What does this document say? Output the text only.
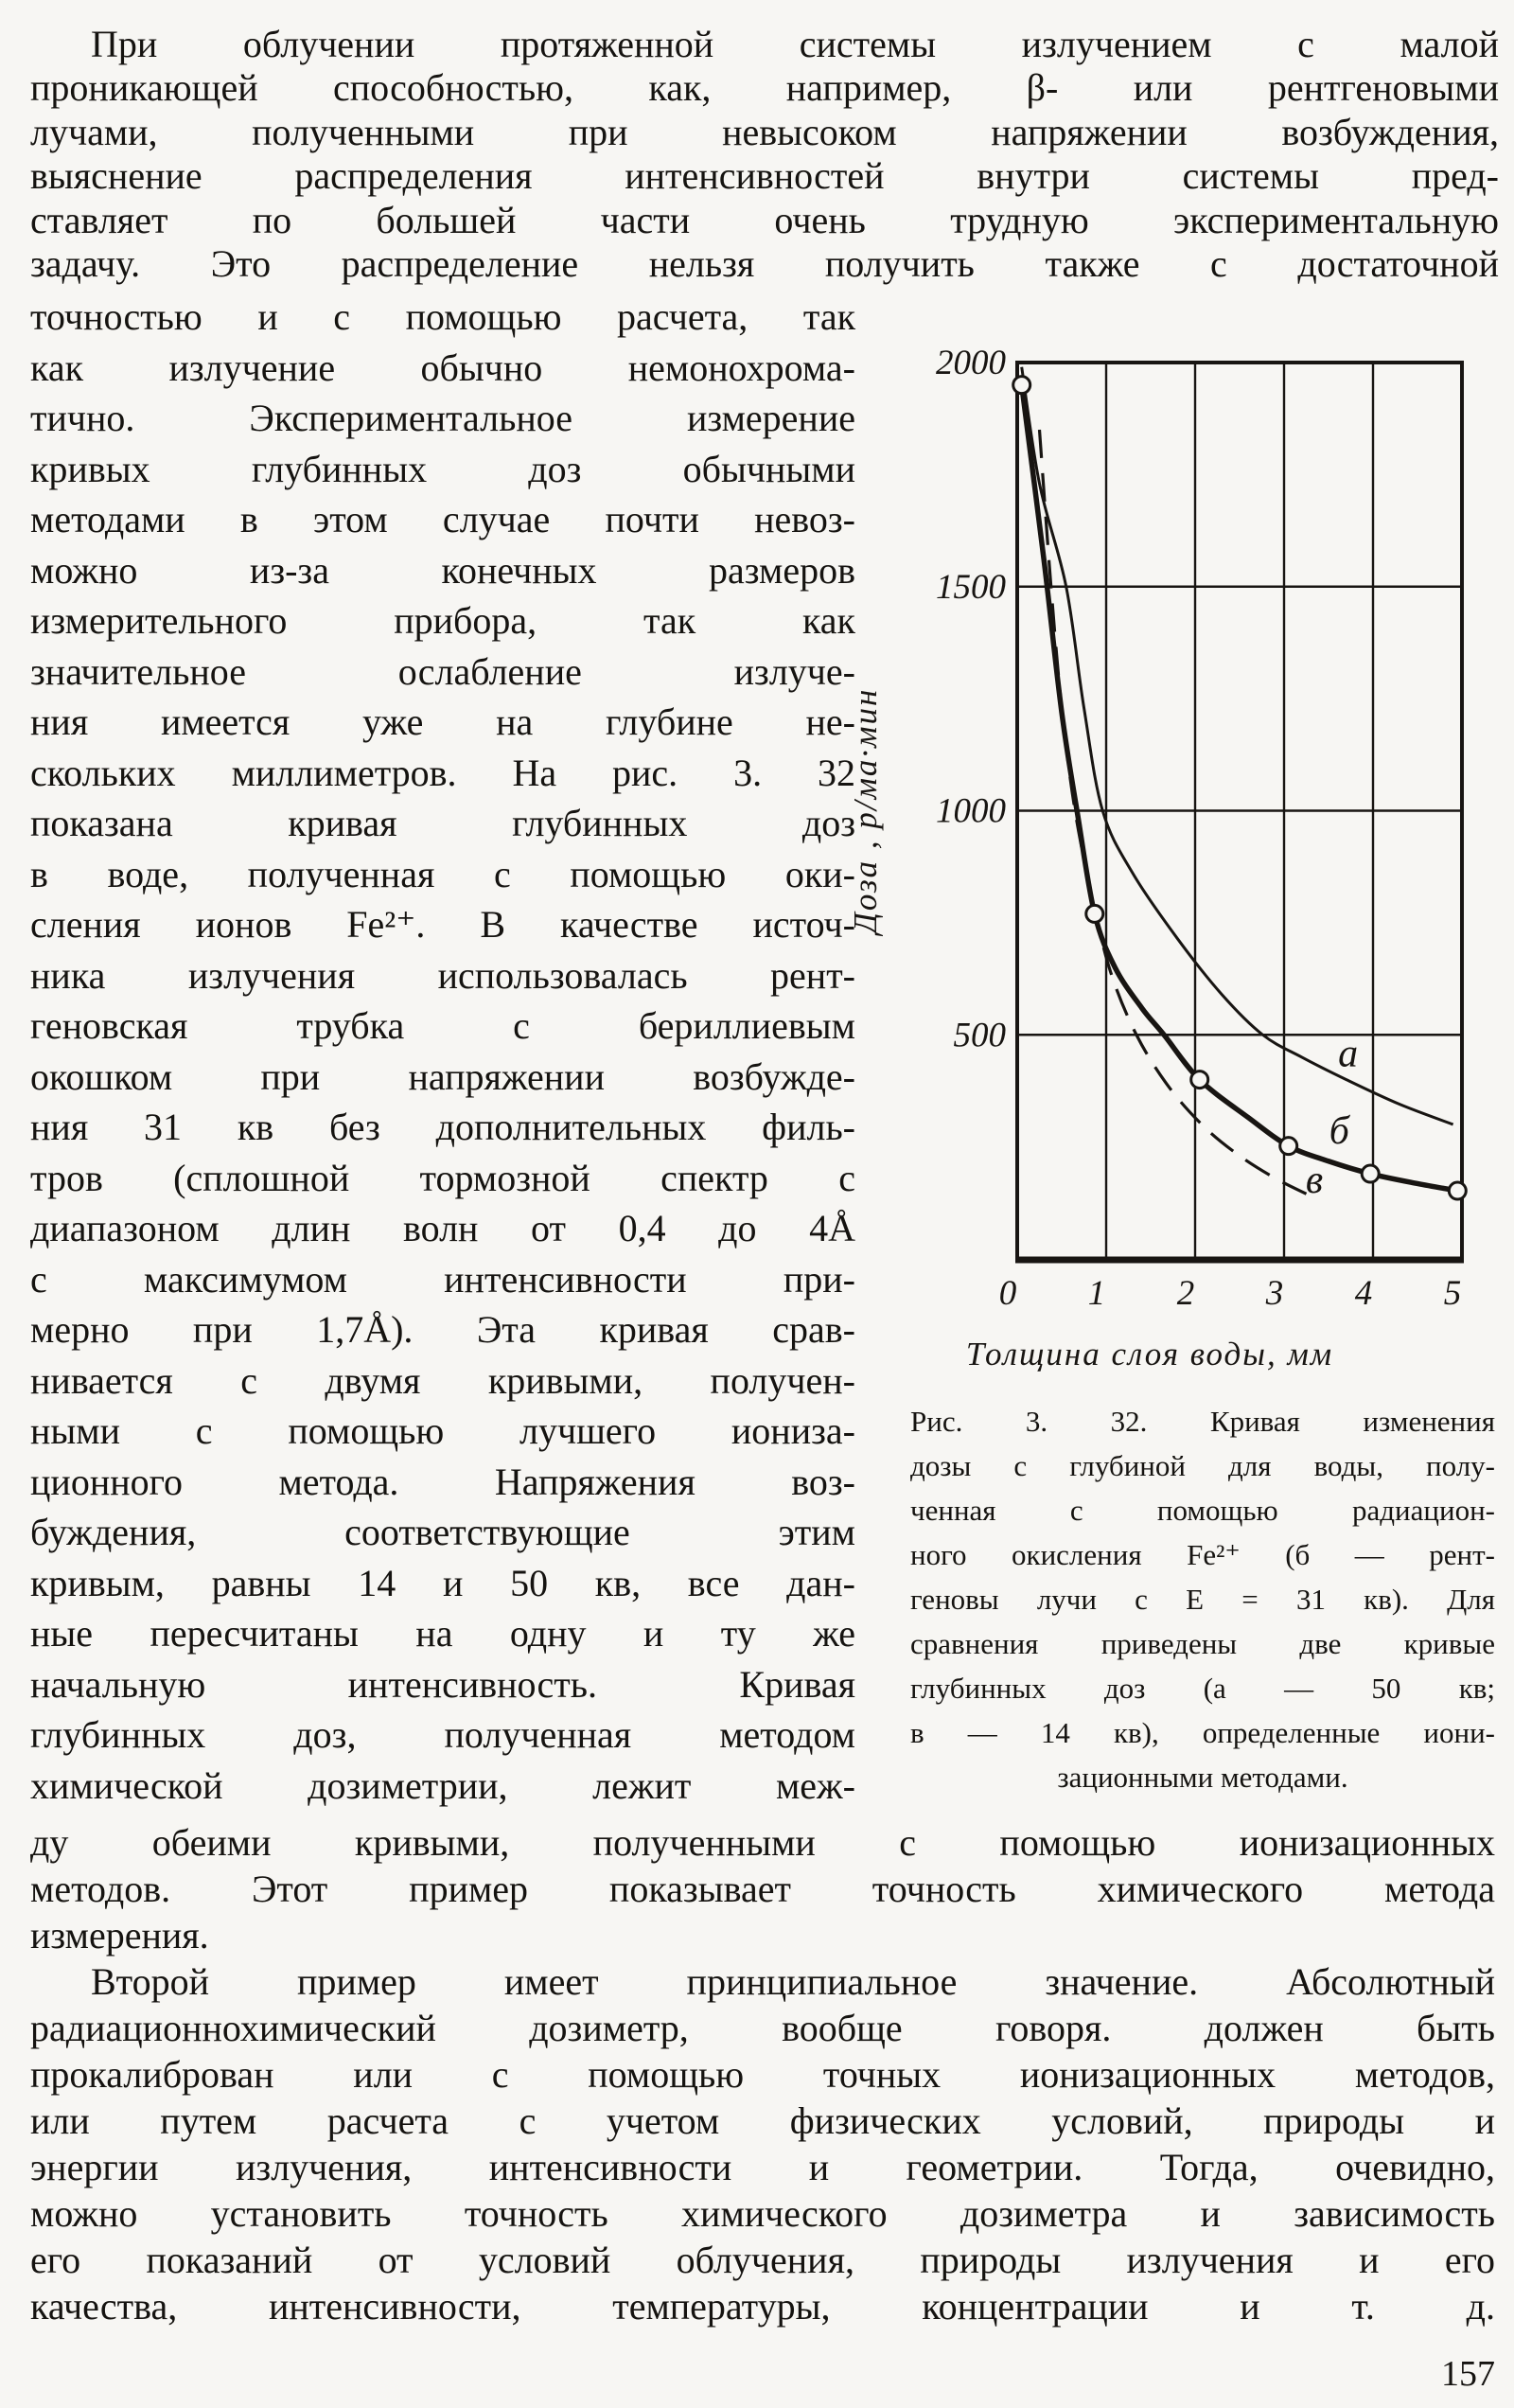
При облучении протяженной системы излучением с малой
проникающей способностью, как, например, β- или рентгеновыми
лучами, полученными при невысоком напряжении возбуждения,
выяснение распределения интенсивностей внутри системы пред-
ставляет по большей части очень трудную экспериментальную
задачу. Это распределение нельзя получить также с достаточной
точностью и с помощью расчета, так
как излучение обычно немонохрома-
тично. Экспериментальное измерение
кривых глубинных доз обычными
методами в этом случае почти невоз-
можно из-за конечных размеров
измерительного прибора, так как
значительное ослабление излуче-
ния имеется уже на глубине не-
скольких миллиметров. На рис. 3. 32
показана кривая глубинных доз
в воде, полученная с помощью оки-
сления ионов Fe²⁺. В качестве источ-
ника излучения использовалась рент-
геновская трубка с бериллиевым
окошком при напряжении возбужде-
ния 31 кв без дополнительных филь-
тров (сплошной тормозной спектр с
диапазоном длин волн от 0,4 до 4Å
с максимумом интенсивности при-
мерно при 1,7Å). Эта кривая срав-
нивается с двумя кривыми, получен-
ными с помощью лучшего иониза-
ционного метода. Напряжения воз-
буждения, соответствующие этим
кривым, равны 14 и 50 кв, все дан-
ные пересчитаны на одну и ту же
начальную интенсивность. Кривая
глубинных доз, полученная методом
химической дозиметрии, лежит меж-
500
1000
1500
2000
0 1 2 3 4 5
Доза , р/ма·мин
Толщина слоя воды, мм
а
б
в
Рис. 3. 32. Кривая изменения
дозы с глубиной для воды, полу-
ченная с помощью радиацион-
ного окисления Fe²⁺ (б — рент-
геновы лучи с Е = 31 кв). Для
сравнения приведены две кривые
глубинных доз (а — 50 кв;
в — 14 кв), определенные иони-
зационными методами.
ду обеими кривыми, полученными с помощью ионизационных
методов. Этот пример показывает точность химического метода
измерения.
Второй пример имеет принципиальное значение. Абсолютный
радиационнохимический дозиметр, вообще говоря. должен быть
прокалиброван или с помощью точных ионизационных методов,
или путем расчета с учетом физических условий, природы и
энергии излучения, интенсивности и геометрии. Тогда, очевидно,
можно установить точность химического дозиметра и зависимость
его показаний от условий облучения, природы излучения и его
качества, интенсивности, температуры, концентрации и т. д.
157
